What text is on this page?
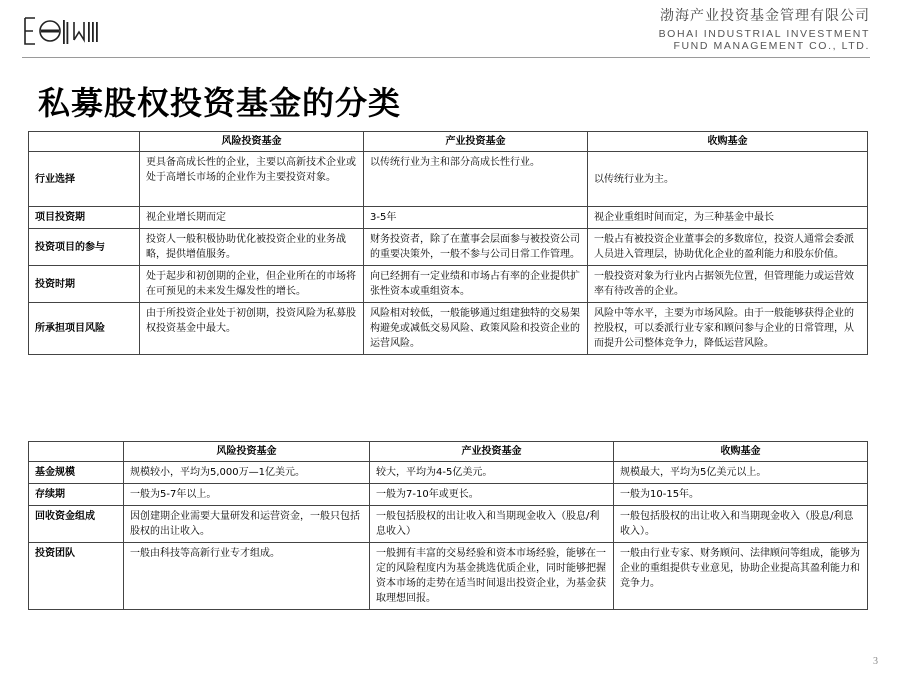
渤海产业投资基金管理有限公司
BOHAI INDUSTRIAL INVESTMENT
FUND MANAGEMENT CO., LTD.
私募股权投资基金的分类
	风险投资基金	产业投资基金	收购基金
行业选择	更具备高成长性的企业，主要以高新技术企业或处于高增长市场的企业作为主要投资对象。	以传统行业为主和部分高成长性行业。	以传统行业为主。
项目投资期	视企业增长期而定	3-5年	视企业重组时间而定，为三种基金中最长
投资项目的参与	投资人一般积极协助优化被投资企业的业务战略，提供增值服务。	财务投资者，除了在董事会层面参与被投资公司的重要决策外，一般不参与公司日常工作管理。	一般占有被投资企业董事会的多数席位，投资人通常会委派人员进入管理层，协助优化企业的盈利能力和股东价值。
投资时期	处于起步和初创期的企业，但企业所在的市场将在可预见的未来发生爆发性的增长。	向已经拥有一定业绩和市场占有率的企业提供扩张性资本或重组资本。	一般投资对象为行业内占据领先位置，但管理能力或运营效率有待改善的企业。
所承担项目风险	由于所投资企业处于初创期，投资风险为私募股权投资基金中最大。	风险相对较低，一般能够通过组建独特的交易架构避免或减低交易风险、政策风险和投资企业的运营风险。	风险中等水平，主要为市场风险。由于一般能够获得企业的控股权，可以委派行业专家和顾问参与企业的日常管理，从而提升公司整体竞争力，降低运营风险。
	风险投资基金	产业投资基金	收购基金
基金规模	规模较小，平均为5,000万—1亿美元。	较大，平均为4-5亿美元。	规模最大，平均为5亿美元以上。
存续期	一般为5-7年以上。	一般为7-10年或更长。	一般为10-15年。
回收资金组成	因创建期企业需要大量研发和运营资金，一般只包括股权的出让收入。	一般包括股权的出让收入和当期现金收入（股息/利息收入）	一般包括股权的出让收入和当期现金收入（股息/利息收入）。
投资团队	一般由科技等高新行业专才组成。	一般拥有丰富的交易经验和资本市场经验，能够在一定的风险程度内为基金挑选优质企业，同时能够把握资本市场的走势在适当时间退出投资企业，为基金获取理想回报。	一般由行业专家、财务顾问、法律顾问等组成，能够为企业的重组提供专业意见，协助企业提高其盈利能力和竞争力。
3
